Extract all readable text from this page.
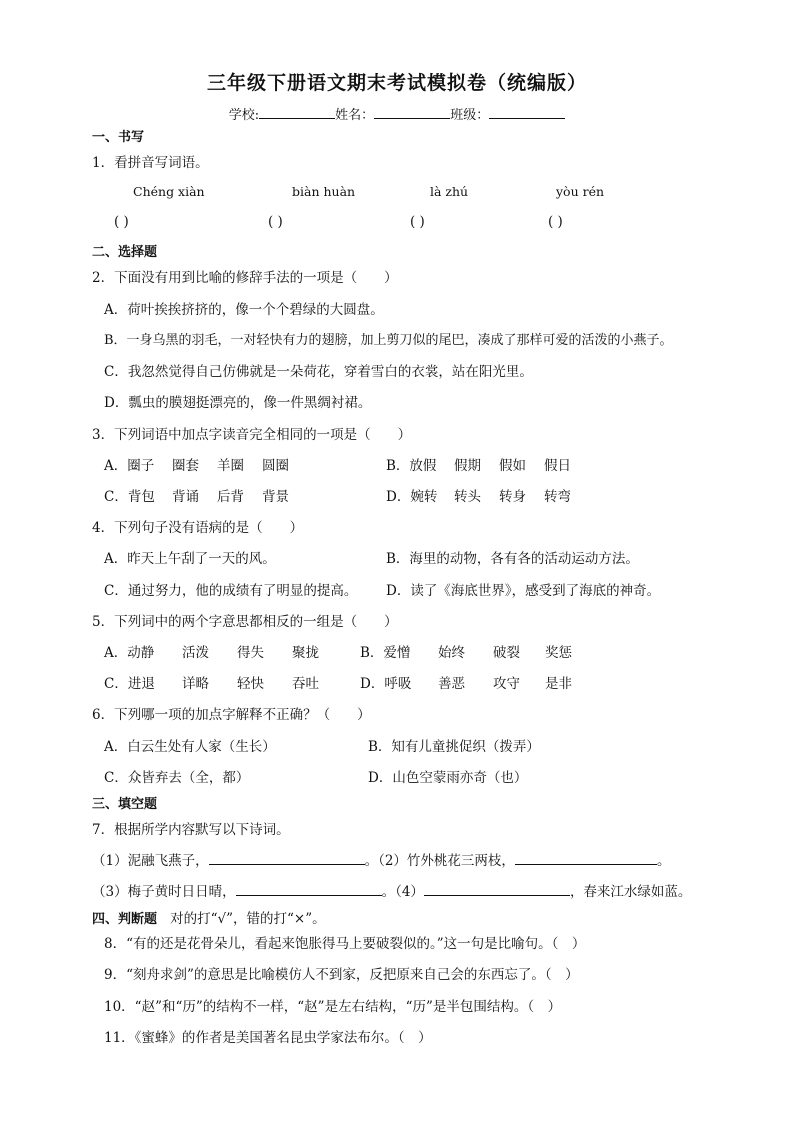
三年级下册语文期末考试模拟卷（统编版）
学校:	姓名：	班级：
一、书写
1．看拼音写词语。
Chéng xiàn	biàn huàn	là zhú	yòu rén
( )	( )	( )	( )
二、选择题
2．下面没有用到比喻的修辞手法的一项是（　　）
A．荷叶挨挨挤挤的，像一个个碧绿的大圆盘。
B．一身乌黑的羽毛，一对轻快有力的翅膀，加上剪刀似的尾巴，凑成了那样可爱的活泼的小燕子。
C．我忽然觉得自己仿佛就是一朵荷花，穿着雪白的衣裳，站在阳光里。
D．瓢虫的膜翅挺漂亮的，像一件黑绸衬裙。
3．下列词语中加点字读音完全相同的一项是（　　）
A．圈子 圈套 羊圈 圆圈	B．放假 假期 假如 假日
C．背包 背诵 后背 背景	D．婉转 转头 转身 转弯
4．下列句子没有语病的是（　　）
A．昨天上午刮了一天的风。	B．海里的动物，各有各的活动运动方法。
C．通过努力，他的成绩有了明显的提高。 D．读了《海底世界》，感受到了海底的神奇。
5．下列词中的两个字意思都相反的一组是（　　）
A．动静 活泼 得失 聚拢	B．爱憎 始终 破裂 奖惩
C．进退 详略 轻快 吞吐	D．呼吸 善恶 攻守 是非
6．下列哪一项的加点字解释不正确？（　　）
A．白云生处有人家（生长）	B．知有儿童挑促织（拨弄）
C．众皆弃去（全，都）	D．山色空蒙雨亦奇（也）
三、填空题
7．根据所学内容默写以下诗词。
（1）泥融飞燕子，	。（2）竹外桃花三两枝，	。
（3）梅子黄时日日晴，	。（4）	，春来江水绿如蓝。
四、判断题 对的打“√”，错的打“×”。
8．“有的还是花骨朵儿，看起来饱胀得马上要破裂似的。”这一句是比喻句。（　）
9．“刻舟求剑”的意思是比喻模仿人不到家，反把原来自己会的东西忘了。（　）
10．“赵”和“历”的结构不一样，“赵”是左右结构，“历”是半包围结构。（　）
11．《蜜蜂》的作者是美国著名昆虫学家法布尔。（　）
